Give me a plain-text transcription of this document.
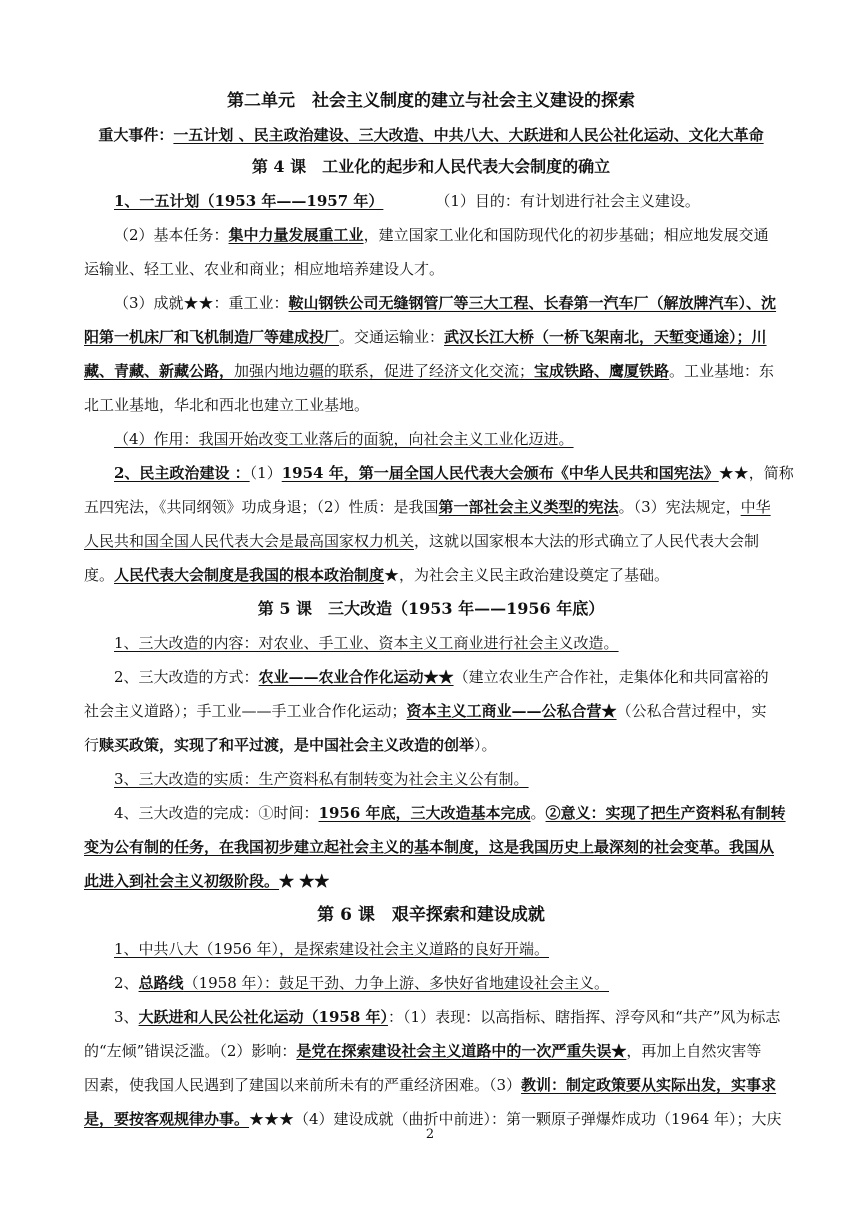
第二单元　社会主义制度的建立与社会主义建设的探索
重大事件：一五计划 、民主政治建设、三大改造、中共八大、大跃进和人民公社化运动、文化大革命
第 4 课　工业化的起步和人民代表大会制度的确立
1、一五计划（1953 年——1957 年）	（1）目的：有计划进行社会主义建设。
（2）基本任务：集中力量发展重工业，建立国家工业化和国防现代化的初步基础；相应地发展交通
运输业、轻工业、农业和商业；相应地培养建设人才。
（3）成就★★：重工业：鞍山钢铁公司无缝钢管厂等三大工程、长春第一汽车厂（解放牌汽车）、沈
阳第一机床厂和飞机制造厂等建成投厂。交通运输业：武汉长江大桥（一桥飞架南北，天堑变通途）；川
藏、青藏、新藏公路，加强内地边疆的联系，促进了经济文化交流；宝成铁路、鹰厦铁路。工业基地：东
北工业基地，华北和西北也建立工业基地。
（4）作用：我国开始改变工业落后的面貌，向社会主义工业化迈进。
2、民主政治建设 ：（1）1954 年，第一届全国人民代表大会颁布《中华人民共和国宪法》★★，简称
五四宪法，《共同纲领》功成身退；（2）性质：是我国第一部社会主义类型的宪法。（3）宪法规定，中华
人民共和国全国人民代表大会是最高国家权力机关，这就以国家根本大法的形式确立了人民代表大会制
度。人民代表大会制度是我国的根本政治制度★，为社会主义民主政治建设奠定了基础。
第 5 课　三大改造（1953 年——1956 年底）
1、三大改造的内容：对农业、手工业、资本主义工商业进行社会主义改造。
2、三大改造的方式：农业——农业合作化运动★★（建立农业生产合作社，走集体化和共同富裕的
社会主义道路）；手工业——手工业合作化运动；资本主义工商业——公私合营★（公私合营过程中，实
行赎买政策，实现了和平过渡，是中国社会主义改造的创举）。
3、三大改造的实质：生产资料私有制转变为社会主义公有制。
4、三大改造的完成：①时间：1956 年底，三大改造基本完成。②意义：实现了把生产资料私有制转
变为公有制的任务，在我国初步建立起社会主义的基本制度，这是我国历史上最深刻的社会变革。我国从
此进入到社会主义初级阶段。★ ★★
第 6 课　艰辛探索和建设成就
1、中共八大（1956 年），是探索建设社会主义道路的良好开端。
2、总路线（1958 年）：鼓足干劲、力争上游、多快好省地建设社会主义。
3、大跃进和人民公社化运动（1958 年）：（1）表现：以高指标、瞎指挥、浮夸风和“共产”风为标志
的“左倾”错误泛滥。（2）影响：是党在探索建设社会主义道路中的一次严重失误★，再加上自然灾害等
因素，使我国人民遇到了建国以来前所未有的严重经济困难。（3）教训：制定政策要从实际出发，实事求
是，要按客观规律办事。★★★（4）建设成就（曲折中前进）：第一颗原子弹爆炸成功（1964 年）；大庆
2
